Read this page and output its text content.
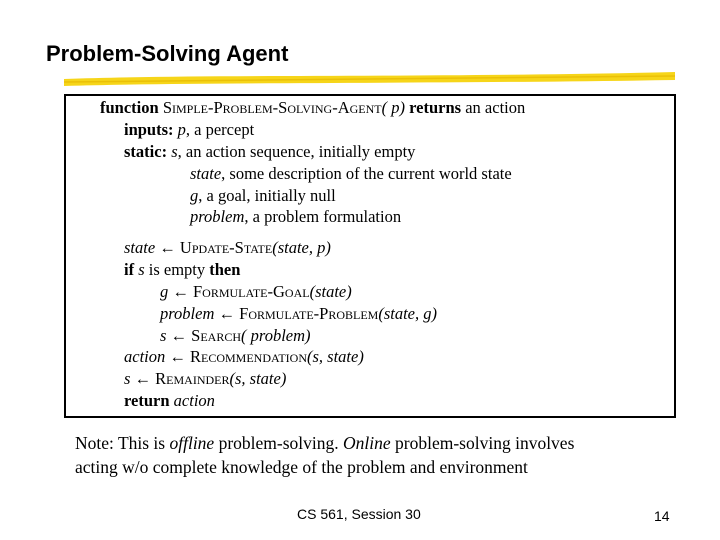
Problem-Solving Agent
function Simple-Problem-Solving-Agent( p) returns an action
inputs: p, a percept
static: s, an action sequence, initially empty
state, some description of the current world state
g, a goal, initially null
problem, a problem formulation
state ← Update-State(state, p)
if s is empty then
g ← Formulate-Goal(state)
problem ← Formulate-Problem(state, g)
s ← Search( problem)
action ← Recommendation(s, state)
s ← Remainder(s, state)
return action
Note: This is offline problem-solving. Online problem-solving involves
acting w/o complete knowledge of the problem and environment
CS 561, Session 30	14
